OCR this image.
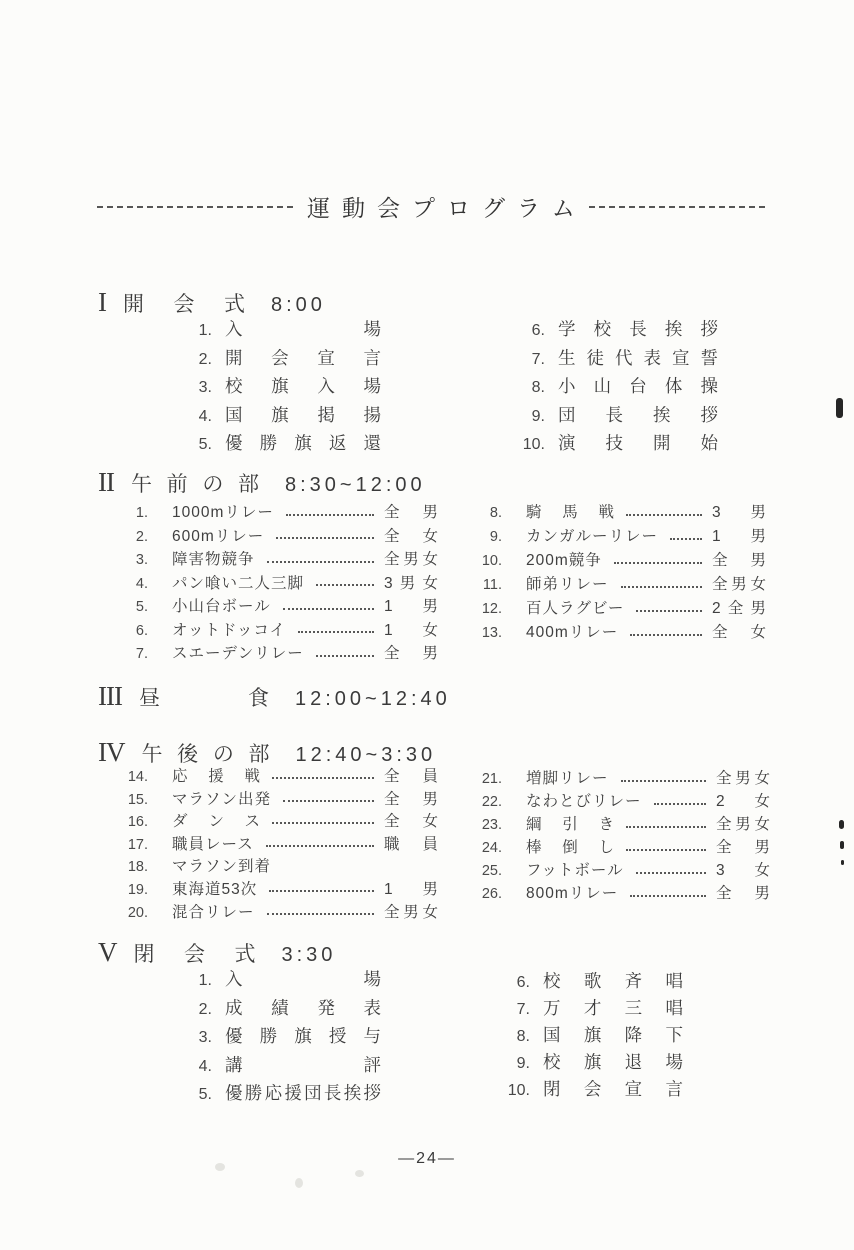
運動会プログラム
I 開会式 8:00
1. 入場
2. 開会宣言
3. 校旗入場
4. 国旗掲揚
5. 優勝旗返還
6. 学校長挨拶
7. 生徒代表宣誓
8. 小山台体操
9. 団長挨拶
10. 演技開始
II 午前の部 8:30~12:00
1. 1000mリレー	全男
2. 600mリレー	全女
3. 障害物競争	全男女
4. パン喰い二人三脚	3男女
5. 小山台ボール	1男
6. オットドッコイ	1女
7. スエーデンリレー	全男
8. 騎馬戦	3男
9. カンガルーリレー	1男
10. 200m競争	全男
11. 師弟リレー	全男女
12. 百人ラグビー	2全男
13. 400mリレー	全女
III 昼食 12:00~12:40
IV 午後の部 12:40~3:30
14. 応援戦	全員
15. マラソン出発	全男
16. ダンス	全女
17. 職員レース	職員
18. マラソン到着
19. 東海道53次	1男
20. 混合リレー	全男女
21. 増脚リレー	全男女
22. なわとびリレー	2女
23. 綱引き	全男女
24. 棒倒し	全男
25. フットボール	3女
26. 800mリレー	全男
V 閉会式 3:30
1. 入場
2. 成績発表
3. 優勝旗授与
4. 講評
5. 優勝応援団長挨拶
6. 校歌斉唱
7. 万才三唱
8. 国旗降下
9. 校旗退場
10. 閉会宣言
—24—
